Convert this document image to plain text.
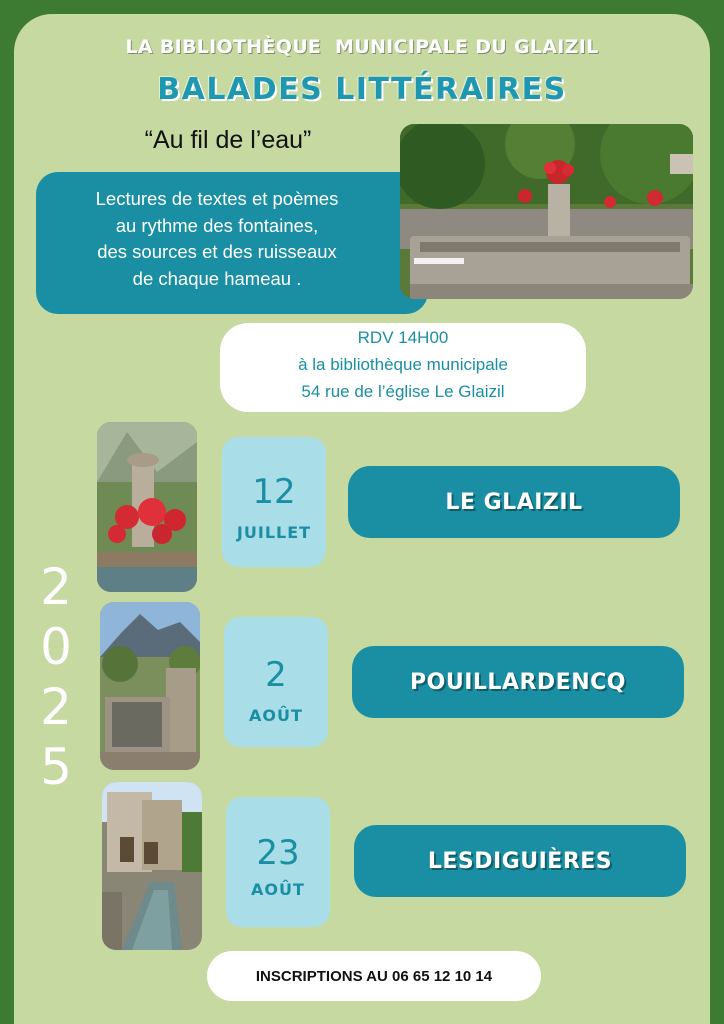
LA BIBLIOTHÈQUE  MUNICIPALE DU GLAIZIL
BALADES LITTÉRAIRES
“Au fil de l’eau”
Lectures de textes et poèmes
au rythme des fontaines,
des sources et des ruisseaux
de chaque hameau .
RDV 14H00
à la bibliothèque municipale
54 rue de l’église Le Glaizil
2
0
2
5
12
JUILLET
LE GLAIZIL
2
AOÛT
POUILLARDENCQ
23
AOÛT
LESDIGUIÈRES
INSCRIPTIONS AU 06 65 12 10 14
